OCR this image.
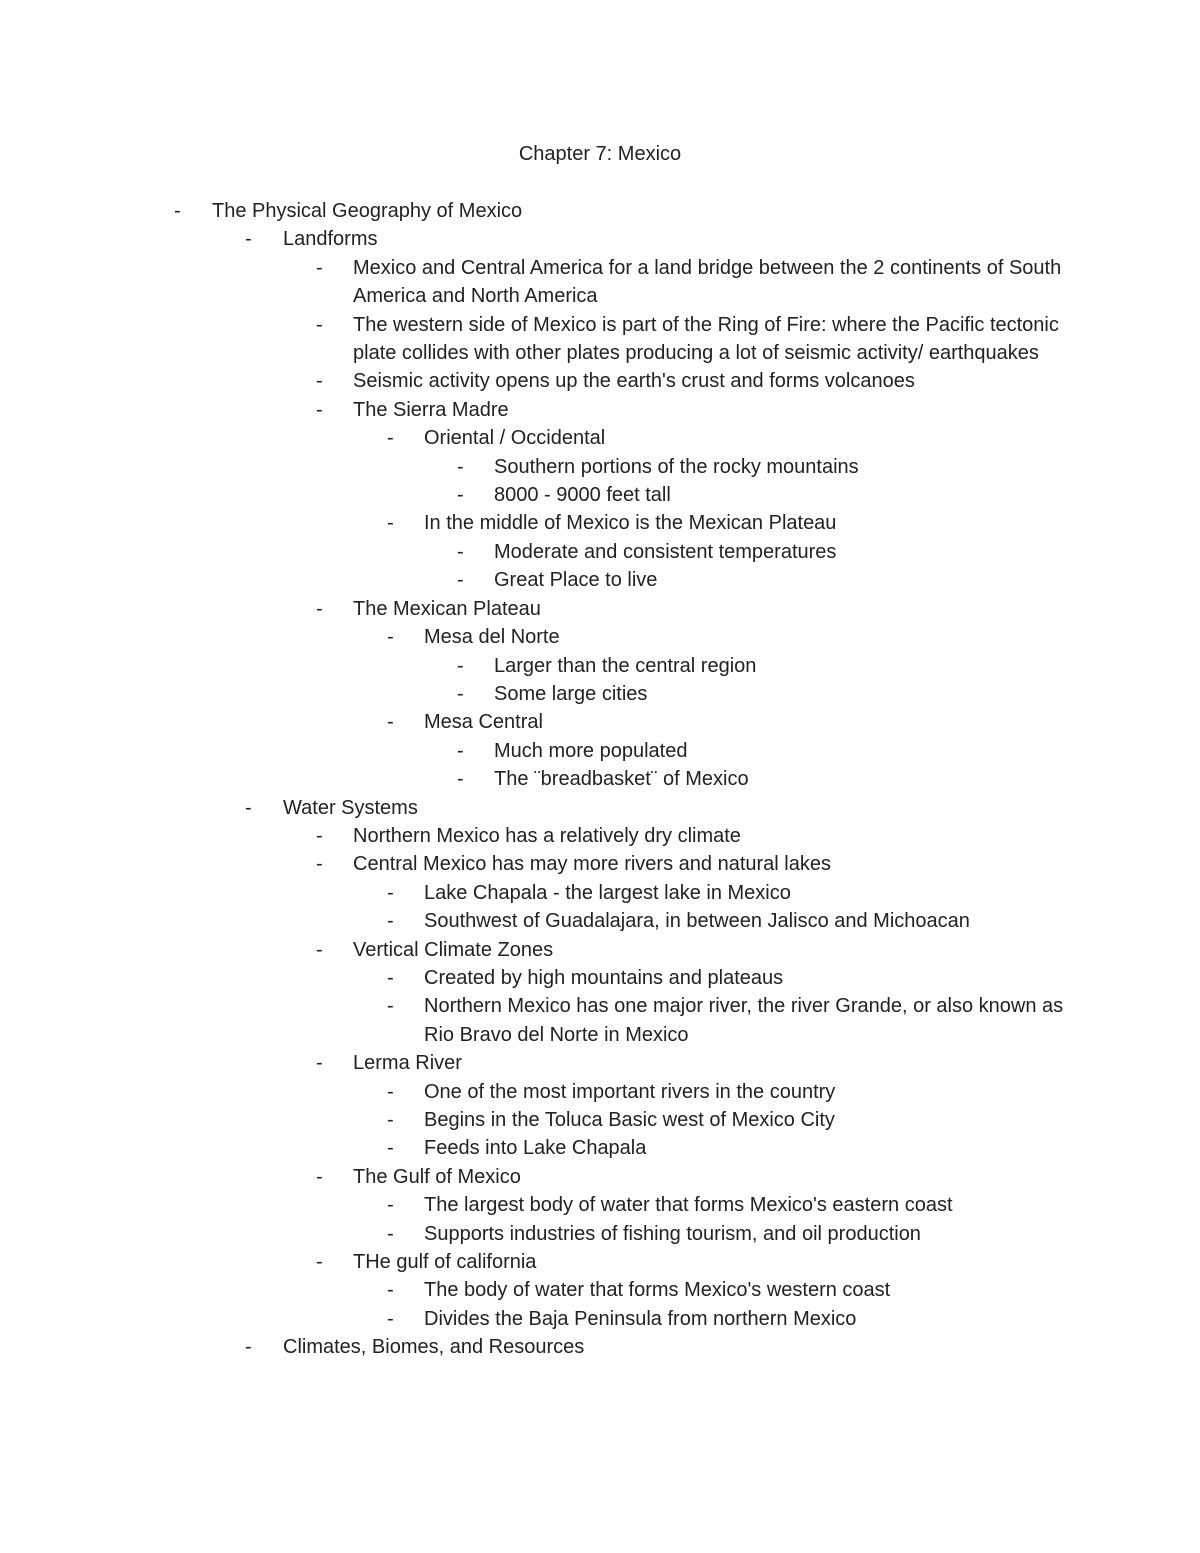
Chapter 7: Mexico
- The Physical Geography of Mexico
- Landforms
- Mexico and Central America for a land bridge between the 2 continents of South America and North America
- The western side of Mexico is part of the Ring of Fire: where the Pacific tectonic plate collides with other plates producing a lot of seismic activity/ earthquakes
- Seismic activity opens up the earth's crust and forms volcanoes
- The Sierra Madre
- Oriental / Occidental
- Southern portions of the rocky mountains
- 8000 - 9000 feet tall
- In the middle of Mexico is the Mexican Plateau
- Moderate and consistent temperatures
- Great Place to live
- The Mexican Plateau
- Mesa del Norte
- Larger than the central region
- Some large cities
- Mesa Central
- Much more populated
- The ¨breadbasket¨ of Mexico
- Water Systems
- Northern Mexico has a relatively dry climate
- Central Mexico has may more rivers and natural lakes
- Lake Chapala - the largest lake in Mexico
- Southwest of Guadalajara, in between Jalisco and Michoacan
- Vertical Climate Zones
- Created by high mountains and plateaus
- Northern Mexico has one major river, the river Grande, or also known as Rio Bravo del Norte in Mexico
- Lerma River
- One of the most important rivers in the country
- Begins in the Toluca Basic west of Mexico City
- Feeds into Lake Chapala
- The Gulf of Mexico
- The largest body of water that forms Mexico's eastern coast
- Supports industries of fishing tourism, and oil production
- THe gulf of california
- The body of water that forms Mexico's western coast
- Divides the Baja Peninsula from northern Mexico
- Climates, Biomes, and Resources
